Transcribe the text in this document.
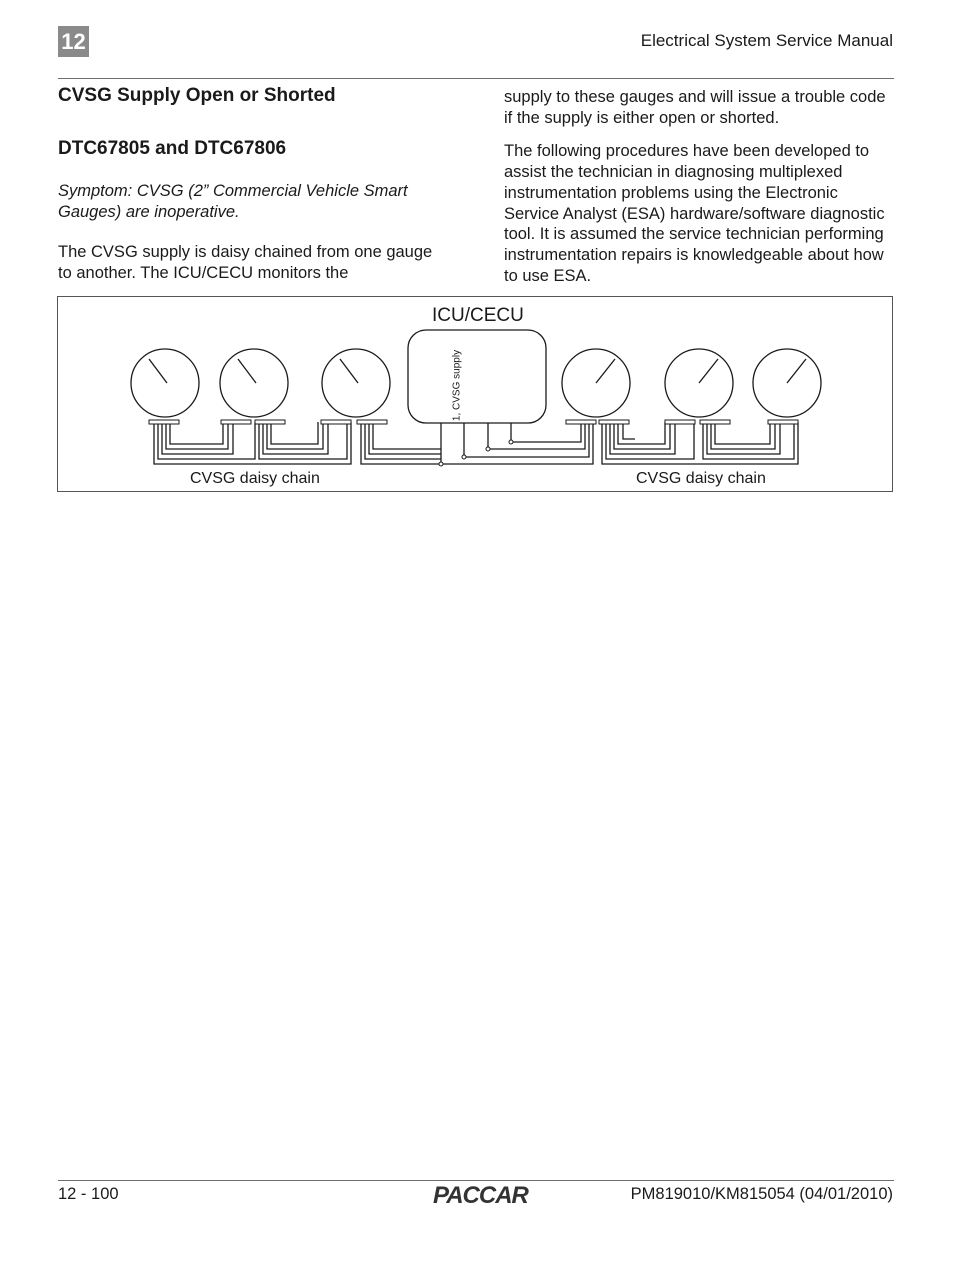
12	Electrical System Service Manual
CVSG Supply Open or Shorted
DTC67805 and DTC67806

Symptom: CVSG (2” Commercial Vehicle Smart Gauges) are inoperative.

The CVSG supply is daisy chained from one gauge to another. The ICU/CECU monitors the

supply to these gauges and will issue a trouble code if the supply is either open or shorted.

The following procedures have been developed to assist the technician in diagnosing multiplexed instrumentation problems using the Electronic Service Analyst (ESA) hardware/software diagnostic tool. It is assumed the service technician performing instrumentation repairs is knowledgeable about how to use ESA.

ICU/CECU
1, CVSG supply
CVSG daisy chain	CVSG daisy chain
12 - 100	PACCAR	PM819010/KM815054 (04/01/2010)
